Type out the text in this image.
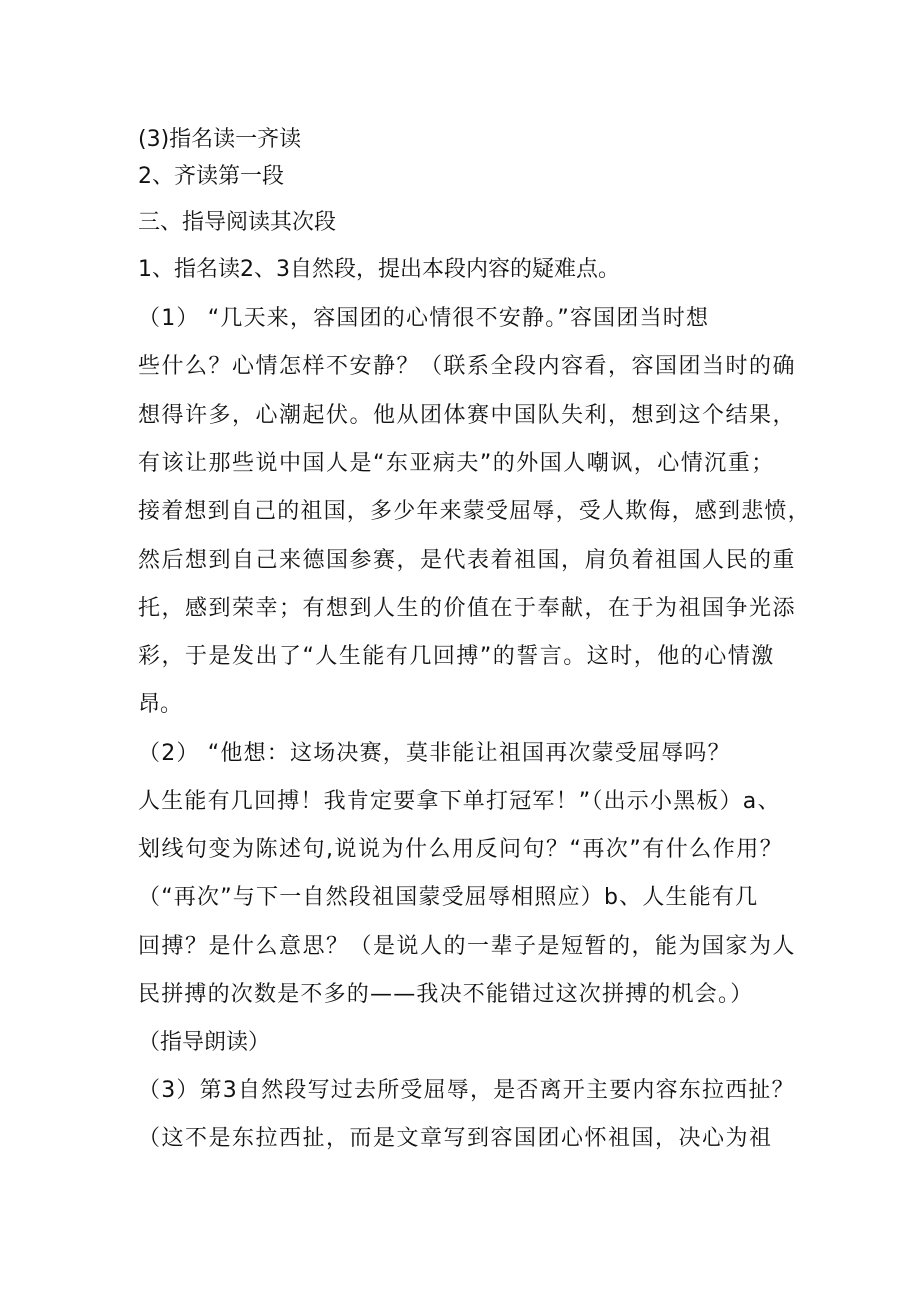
(3)指名读一齐读
2、齐读第一段
三、指导阅读其次段
1、指名读2、3自然段，提出本段内容的疑难点。
（1） “几天来，容国团的心情很不安静。”容国团当时想
些什么？心情怎样不安静？（联系全段内容看，容国团当时的确
想得许多，心潮起伏。他从团体赛中国队失利，想到这个结果，
有该让那些说中国人是“东亚病夫”的外国人嘲讽，心情沉重；
接着想到自己的祖国，多少年来蒙受屈辱，受人欺侮，感到悲愤，
然后想到自己来德国参赛，是代表着祖国，肩负着祖国人民的重
托，感到荣幸；有想到人生的价值在于奉献，在于为祖国争光添
彩，于是发出了“人生能有几回搏”的誓言。这时，他的心情激
昂。
（2） “他想：这场决赛，莫非能让祖国再次蒙受屈辱吗？
人生能有几回搏！我肯定要拿下单打冠军！”（出示小黑板）a、
划线句变为陈述句,说说为什么用反问句？“再次”有什么作用？
（“再次”与下一自然段祖国蒙受屈辱相照应）b、人生能有几
回搏？是什么意思？（是说人的一辈子是短暂的，能为国家为人
民拼搏的次数是不多的——我决不能错过这次拼搏的机会。）
（指导朗读）
（3）第3自然段写过去所受屈辱，是否离开主要内容东拉西扯？
（这不是东拉西扯，而是文章写到容国团心怀祖国，决心为祖
